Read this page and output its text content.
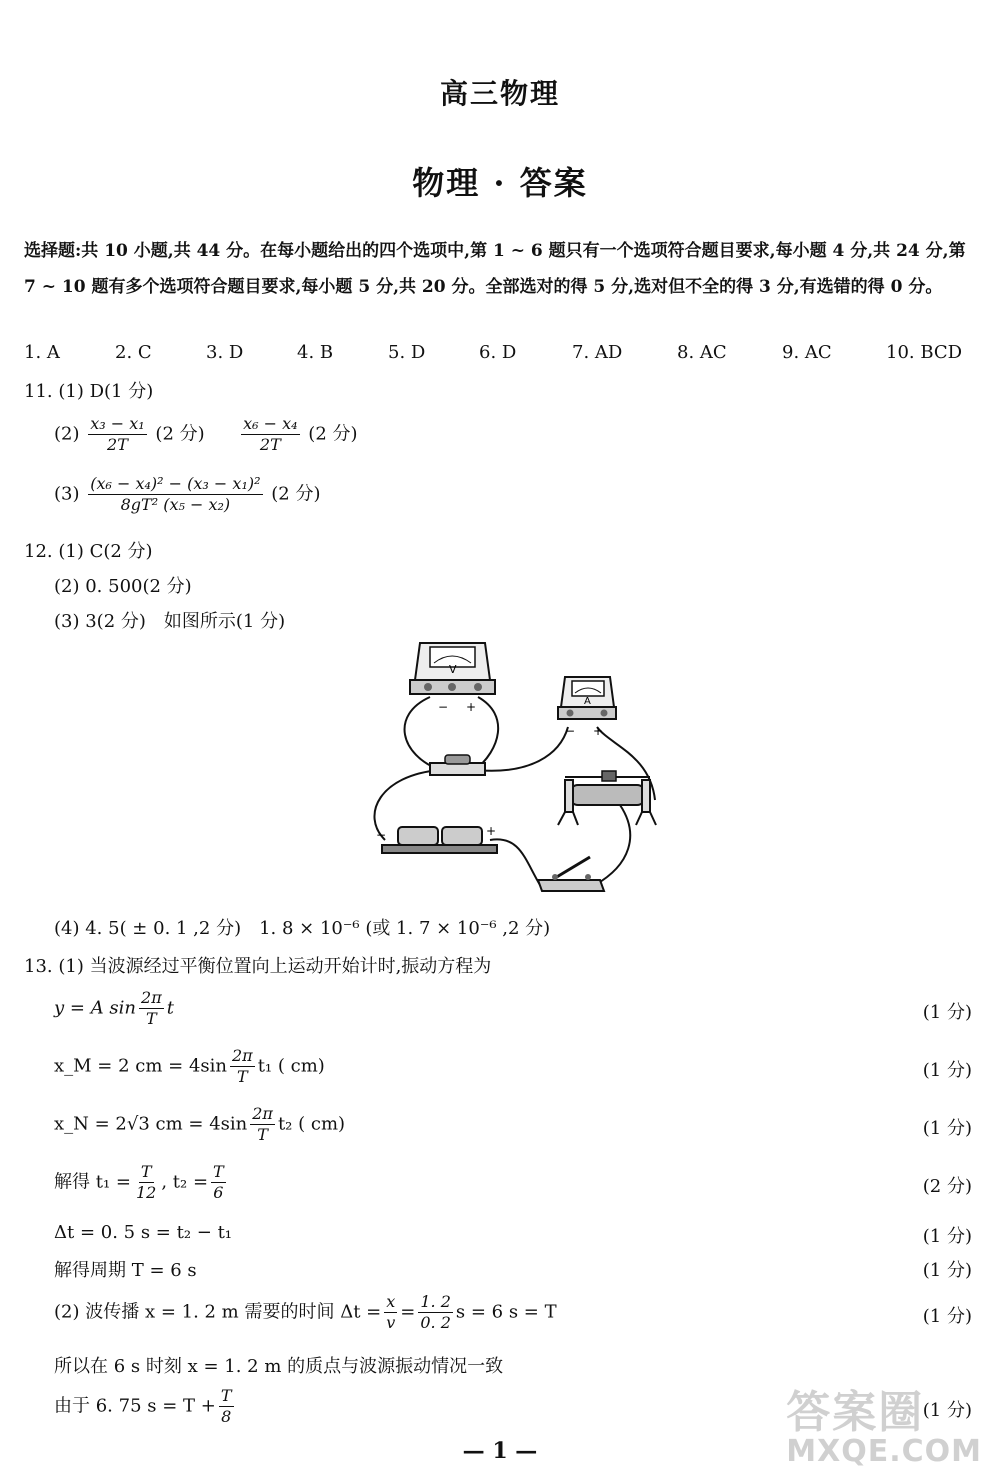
高三物理
物理 · 答案
选择题:共 10 小题,共 44 分。在每小题给出的四个选项中,第 1 ~ 6 题只有一个选项符合题目要求,每小题 4 分,共 24 分,第 7 ~ 10 题有多个选项符合题目要求,每小题 5 分,共 20 分。全部选对的得 5 分,选对但不全的得 3 分,有选错的得 0 分。
1. A	2. C	3. D	4. B	5. D	6. D	7. AD	8. AC	9. AC	10. BCD
11. (1) D(1 分)
$(2) \frac{\text{x₃ − x₁}}{2T} (2$ 分) $\frac{\text{x₆ − x₄}}{2T} (2$ 分)
$(3) \frac{\text{(x₆ − x₄)² − (x₃ − x₁)²}}{\text{8gT² (x₅ − x₂)}} (2$ 分)
12. (1) C(2 分)
(2) 0. 500(2 分)
(3) 3(2 分)　如图所示(1 分)
V
− +	A
− +
−	+
(4) 4. 5( ± 0. 1 ,2 分)　1. 8 × 10⁻⁶ (或 1. 7 × 10⁻⁶ ,2 分)
13. (1) 当波源经过平衡位置向上运动开始计时,振动方程为
y = A $\sin \frac{2\pi}{T}$ t	(1 分)
x_M = 2 cm = $4\sin \frac{2\pi}{T} t_1$ ( cm)	(1 分)
x_N = 2√3 cm = $4\sin \frac{2\pi}{T} t_2$ ( cm)	(1 分)
解得 $t_1 = \frac{T}{12}$ , $t_2 = \frac{T}{6}$	(2 分)
Δt = 0. 5 s = t₂ − t₁	(1 分)
解得周期 T = 6 s	(1 分)
(2) 波传播 x = 1. 2 m 需要的时间 $\Delta t = \frac{x}{v} = \frac{1. 2}{0. 2}$ s = 6 s = T	(1 分)
所以在 6 s 时刻 x = 1. 2 m 的质点与波源振动情况一致
由于 6. 75 $s = T + \frac{T}{8}$	(1 分)
— 1 —
答案圈
MXQE.COM
